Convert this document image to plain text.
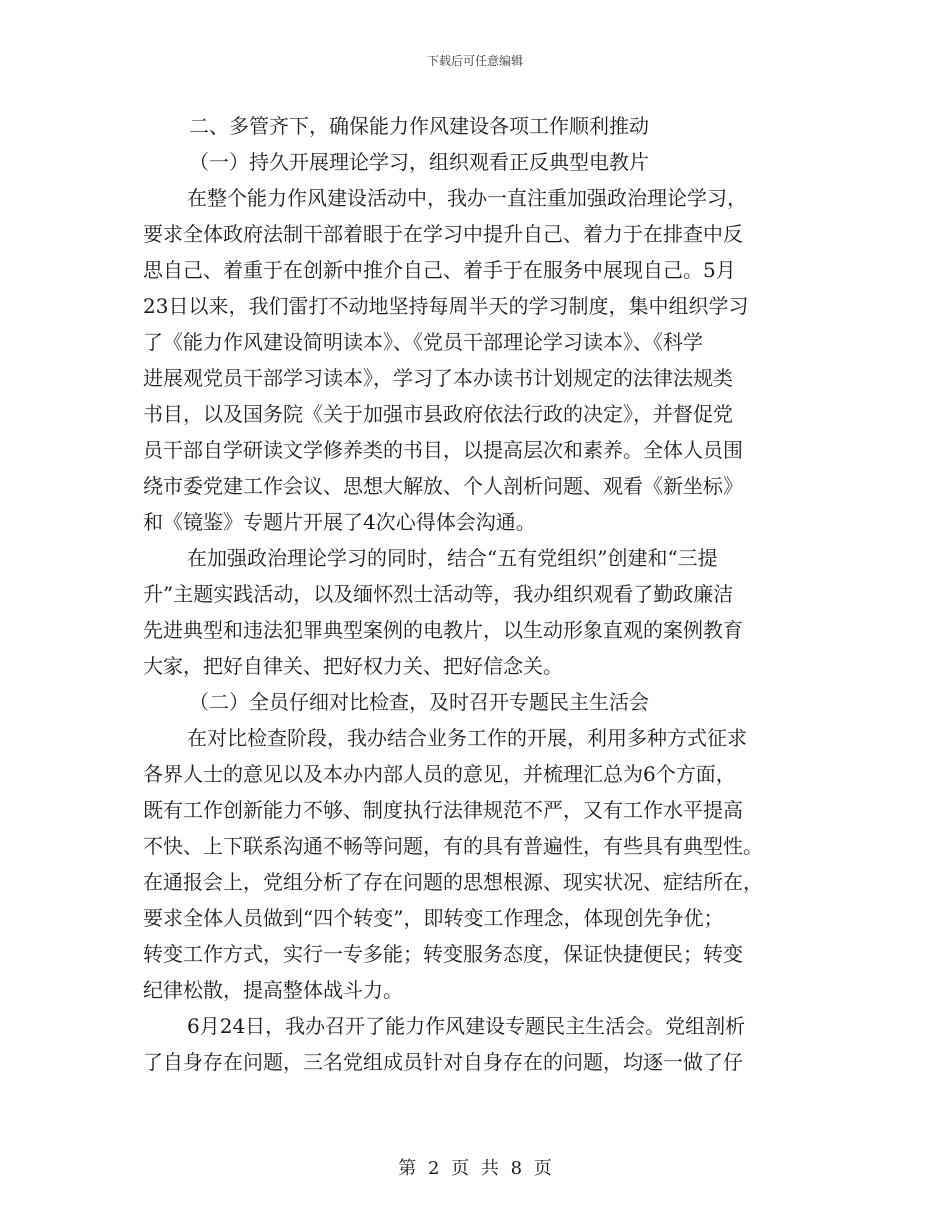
下载后可任意编辑
二、多管齐下，确保能力作风建设各项工作顺利推动
（一）持久开展理论学习，组织观看正反典型电教片
在整个能力作风建设活动中，我办一直注重加强政治理论学习，
要求全体政府法制干部着眼于在学习中提升自己、着力于在排查中反
思自己、着重于在创新中推介自己、着手于在服务中展现自己。5月
23日以来，我们雷打不动地坚持每周半天的学习制度，集中组织学习
了《能力作风建设简明读本》、《党员干部理论学习读本》、《科学
进展观党员干部学习读本》，学习了本办读书计划规定的法律法规类
书目，以及国务院《关于加强市县政府依法行政的决定》，并督促党
员干部自学研读文学修养类的书目，以提高层次和素养。全体人员围
绕市委党建工作会议、思想大解放、个人剖析问题、观看《新坐标》
和《镜鉴》专题片开展了4次心得体会沟通。
在加强政治理论学习的同时，结合“五有党组织”创建和“三提
升”主题实践活动，以及缅怀烈士活动等，我办组织观看了勤政廉洁
先进典型和违法犯罪典型案例的电教片，以生动形象直观的案例教育
大家，把好自律关、把好权力关、把好信念关。
（二）全员仔细对比检查，及时召开专题民主生活会
在对比检查阶段，我办结合业务工作的开展，利用多种方式征求
各界人士的意见以及本办内部人员的意见，并梳理汇总为6个方面，
既有工作创新能力不够、制度执行法律规范不严，又有工作水平提高
不快、上下联系沟通不畅等问题，有的具有普遍性，有些具有典型性。
在通报会上，党组分析了存在问题的思想根源、现实状况、症结所在，
要求全体人员做到“四个转变”，即转变工作理念，体现创先争优；
转变工作方式，实行一专多能；转变服务态度，保证快捷便民；转变
纪律松散，提高整体战斗力。
6月24日，我办召开了能力作风建设专题民主生活会。党组剖析
了自身存在问题，三名党组成员针对自身存在的问题，均逐一做了仔
第 2 页 共 8 页
